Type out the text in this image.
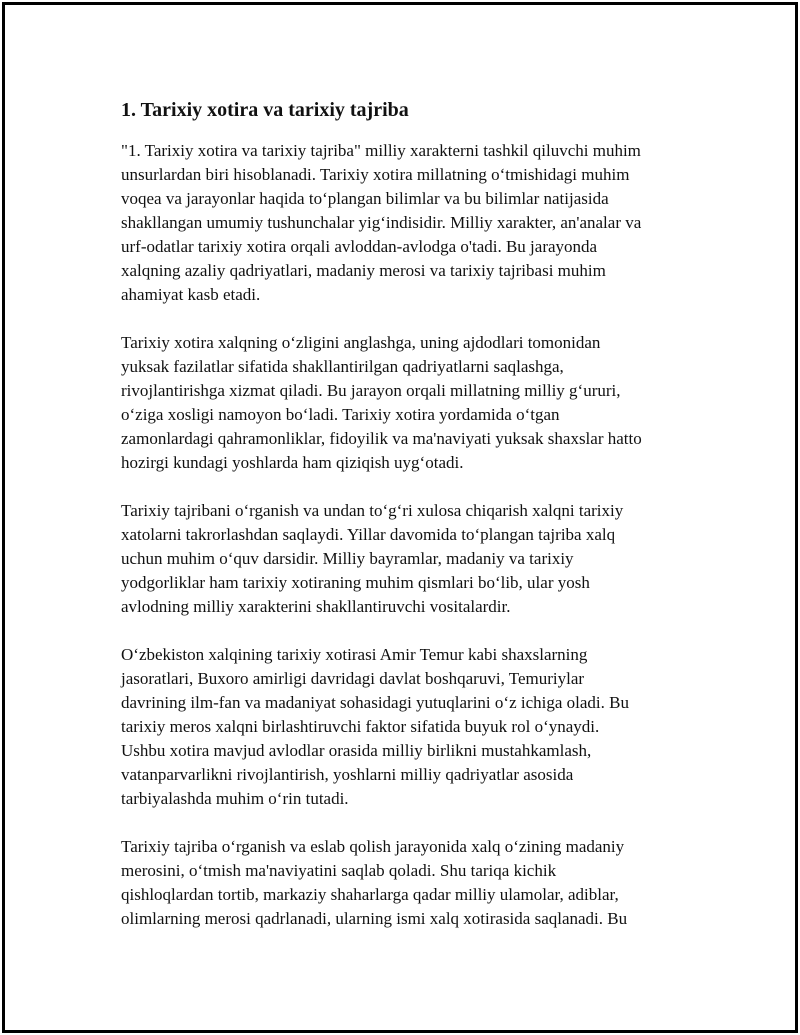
1. Tarixiy xotira va tarixiy tajriba

"1. Tarixiy xotira va tarixiy tajriba" milliy xarakterni tashkil qiluvchi muhim
unsurlardan biri hisoblanadi. Tarixiy xotira millatning oʻtmishidagi muhim
voqea va jarayonlar haqida toʻplangan bilimlar va bu bilimlar natijasida
shakllangan umumiy tushunchalar yigʻindisidir. Milliy xarakter, an'analar va
urf-odatlar tarixiy xotira orqali avloddan-avlodga o'tadi. Bu jarayonda
xalqning azaliy qadriyatlari, madaniy merosi va tarixiy tajribasi muhim
ahamiyat kasb etadi.

Tarixiy xotira xalqning oʻzligini anglashga, uning ajdodlari tomonidan
yuksak fazilatlar sifatida shakllantirilgan qadriyatlarni saqlashga,
rivojlantirishga xizmat qiladi. Bu jarayon orqali millatning milliy gʻururi,
oʻziga xosligi namoyon boʻladi. Tarixiy xotira yordamida oʻtgan
zamonlardagi qahramonliklar, fidoyilik va ma'naviyati yuksak shaxslar hatto
hozirgi kundagi yoshlarda ham qiziqish uygʻotadi.

Tarixiy tajribani oʻrganish va undan toʻgʻri xulosa chiqarish xalqni tarixiy
xatolarni takrorlashdan saqlaydi. Yillar davomida toʻplangan tajriba xalq
uchun muhim oʻquv darsidir. Milliy bayramlar, madaniy va tarixiy
yodgorliklar ham tarixiy xotiraning muhim qismlari boʻlib, ular yosh
avlodning milliy xarakterini shakllantiruvchi vositalardir.

Oʻzbekiston xalqining tarixiy xotirasi Amir Temur kabi shaxslarning
jasoratlari, Buxoro amirligi davridagi davlat boshqaruvi, Temuriylar
davrining ilm-fan va madaniyat sohasidagi yutuqlarini oʻz ichiga oladi. Bu
tarixiy meros xalqni birlashtiruvchi faktor sifatida buyuk rol oʻynaydi.
Ushbu xotira mavjud avlodlar orasida milliy birlikni mustahkamlash,
vatanparvarlikni rivojlantirish, yoshlarni milliy qadriyatlar asosida
tarbiyalashda muhim oʻrin tutadi.

Tarixiy tajriba oʻrganish va eslab qolish jarayonida xalq oʻzining madaniy
merosini, oʻtmish ma'naviyatini saqlab qoladi. Shu tariqa kichik
qishloqlardan tortib, markaziy shaharlarga qadar milliy ulamolar, adiblar,
olimlarning merosi qadrlanadi, ularning ismi xalq xotirasida saqlanadi. Bu
